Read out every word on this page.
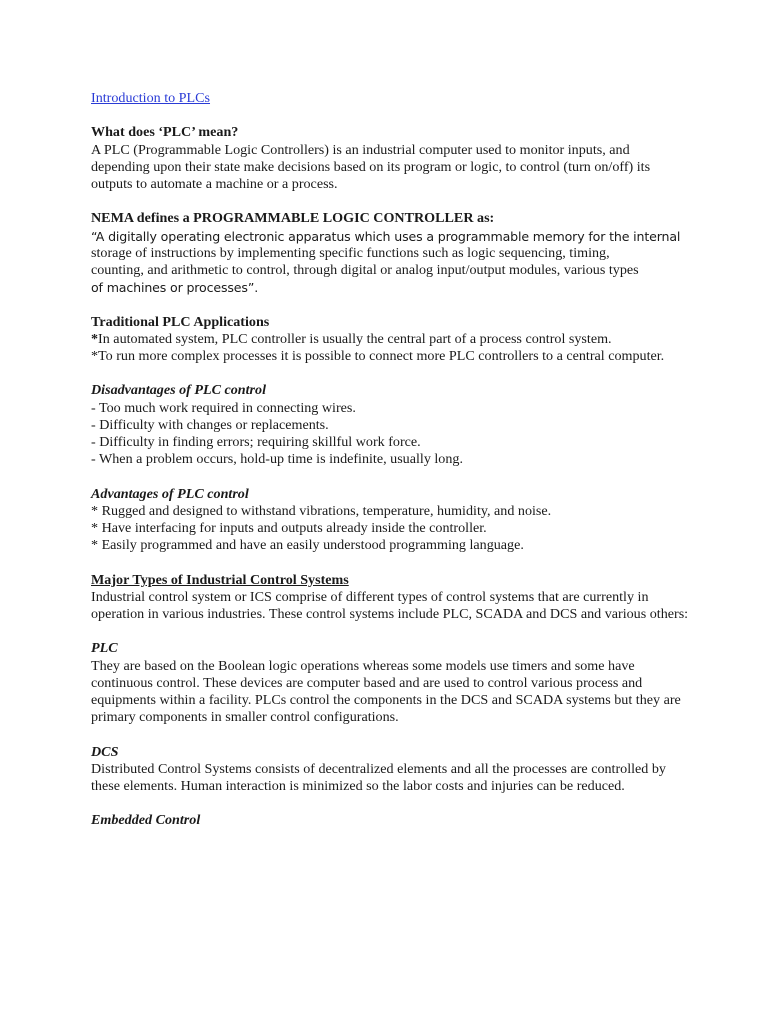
Introduction to PLCs
What does ‘PLC’ mean?

A PLC (Programmable Logic Controllers) is an industrial computer used to monitor inputs, and depending upon their state make decisions based on its program or logic, to control (turn on/off) its outputs to automate a machine or a process.

NEMA defines a PROGRAMMABLE LOGIC CONTROLLER as:
“A digitally operating electronic apparatus which uses a programmable memory for the internal
storage of instructions by implementing specific functions such as logic sequencing, timing,
counting, and arithmetic to control, through digital or analog input/output modules, various types
of machines or processes”.
Traditional PLC Applications
*In automated system, PLC controller is usually the central part of a process control system.
*To run more complex processes it is possible to connect more PLC controllers to a central computer.
Disadvantages of PLC control
- Too much work required in connecting wires.
- Difficulty with changes or replacements.
- Difficulty in finding errors; requiring skillful work force.
- When a problem occurs, hold-up time is indefinite, usually long.
Advantages of PLC control
* Rugged and designed to withstand vibrations, temperature, humidity, and noise.
* Have interfacing for inputs and outputs already inside the controller.
* Easily programmed and have an easily understood programming language.
Major Types of Industrial Control Systems

Industrial control system or ICS comprise of different types of control systems that are currently in operation in various industries. These control systems include PLC, SCADA and DCS and various others:

PLC

They are based on the Boolean logic operations whereas some models use timers and some have continuous control. These devices are computer based and are used to control various process and equipments within a facility. PLCs control the components in the DCS and SCADA systems but they are primary components in smaller control configurations.

DCS

Distributed Control Systems consists of decentralized elements and all the processes are controlled by these elements. Human interaction is minimized so the labor costs and injuries can be reduced.

Embedded Control
